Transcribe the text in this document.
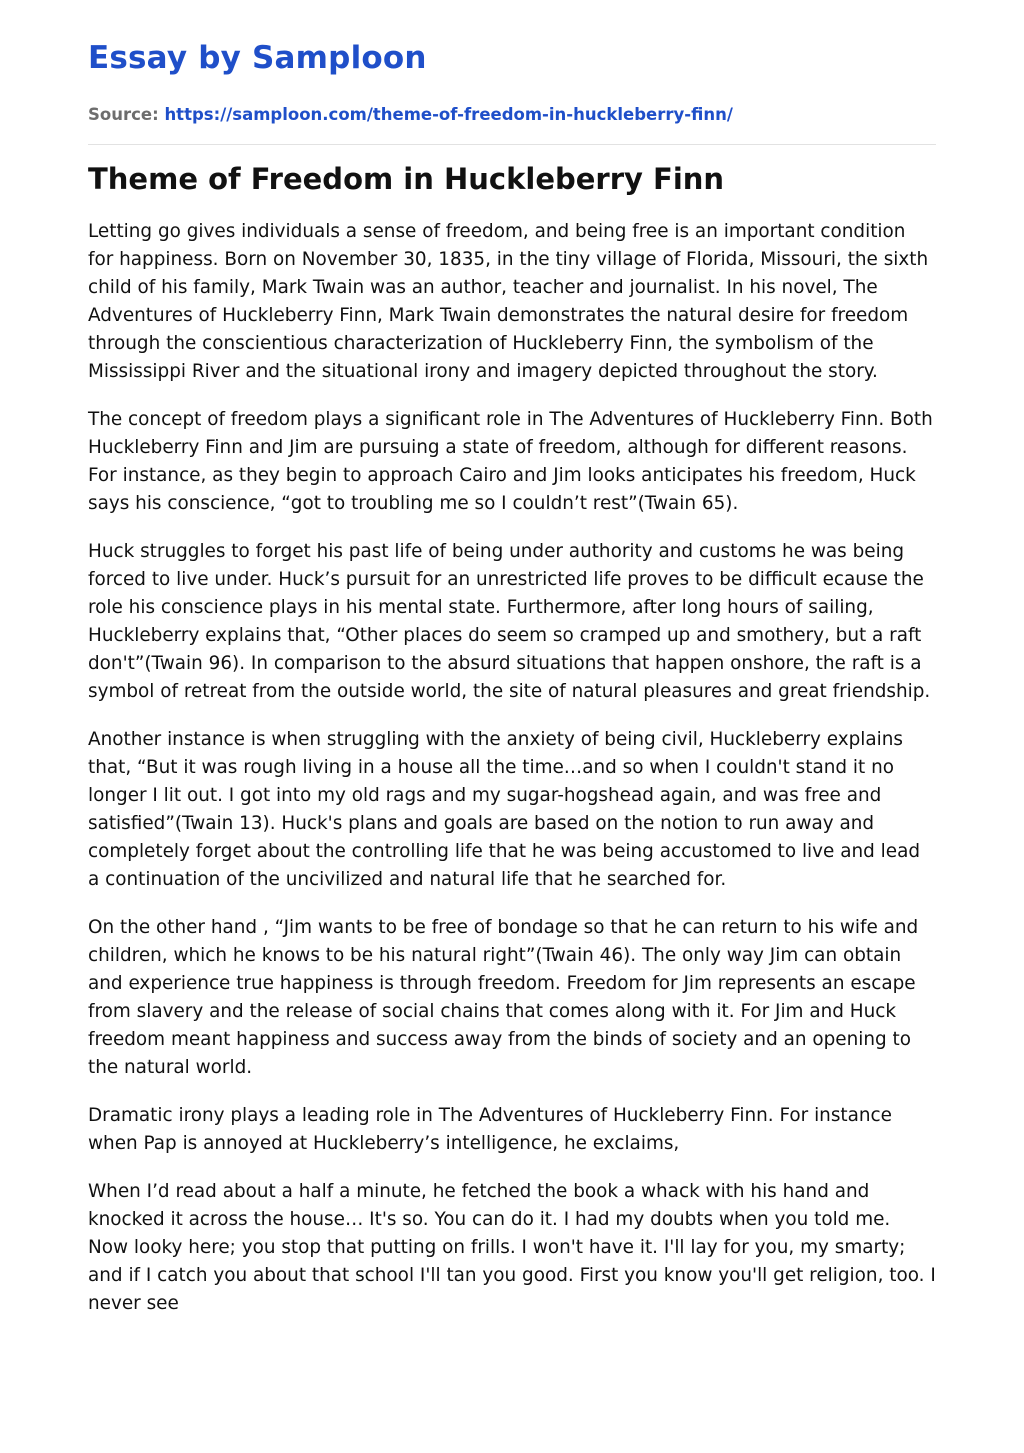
Essay by Samploon
Source: https://samploon.com/theme-of-freedom-in-huckleberry-finn/
Theme of Freedom in Huckleberry Finn

Letting go gives individuals a sense of freedom, and being free is an important condition for happiness. Born on November 30, 1835, in the tiny village of Florida, Missouri, the sixth child of his family, Mark Twain was an author, teacher and journalist. In his novel, The Adventures of Huckleberry Finn, Mark Twain demonstrates the natural desire for freedom through the conscientious characterization of Huckleberry Finn, the symbolism of the Mississippi River and the situational irony and imagery depicted throughout the story.

The concept of freedom plays a significant role in The Adventures of Huckleberry Finn. Both Huckleberry Finn and Jim are pursuing a state of freedom, although for different reasons. For instance, as they begin to approach Cairo and Jim looks anticipates his freedom, Huck says his conscience, “got to troubling me so I couldn’t rest”(Twain 65).

Huck struggles to forget his past life of being under authority and customs he was being forced to live under. Huck’s pursuit for an unrestricted life proves to be difficult ecause the role his conscience plays in his mental state. Furthermore, after long hours of sailing, Huckleberry explains that, “Other places do seem so cramped up and smothery, but a raft don't”(Twain 96). In comparison to the absurd situations that happen onshore, the raft is a symbol of retreat from the outside world, the site of natural pleasures and great friendship.

Another instance is when struggling with the anxiety of being civil, Huckleberry explains that, “But it was rough living in a house all the time…and so when I couldn't stand it no longer I lit out. I got into my old rags and my sugar-hogshead again, and was free and satisfied”(Twain 13). Huck's plans and goals are based on the notion to run away and completely forget about the controlling life that he was being accustomed to live and lead a continuation of the uncivilized and natural life that he searched for.

On the other hand , “Jim wants to be free of bondage so that he can return to his wife and children, which he knows to be his natural right”(Twain 46). The only way Jim can obtain and experience true happiness is through freedom. Freedom for Jim represents an escape from slavery and the release of social chains that comes along with it. For Jim and Huck freedom meant happiness and success away from the binds of society and an opening to the natural world.

Dramatic irony plays a leading role in The Adventures of Huckleberry Finn. For instance when Pap is annoyed at Huckleberry’s intelligence, he exclaims,

When I’d read about a half a minute, he fetched the book a whack with his hand and knocked it across the house… It's so. You can do it. I had my doubts when you told me. Now looky here; you stop that putting on frills. I won't have it. I'll lay for you, my smarty; and if I catch you about that school I'll tan you good. First you know you'll get religion, too. I never see
